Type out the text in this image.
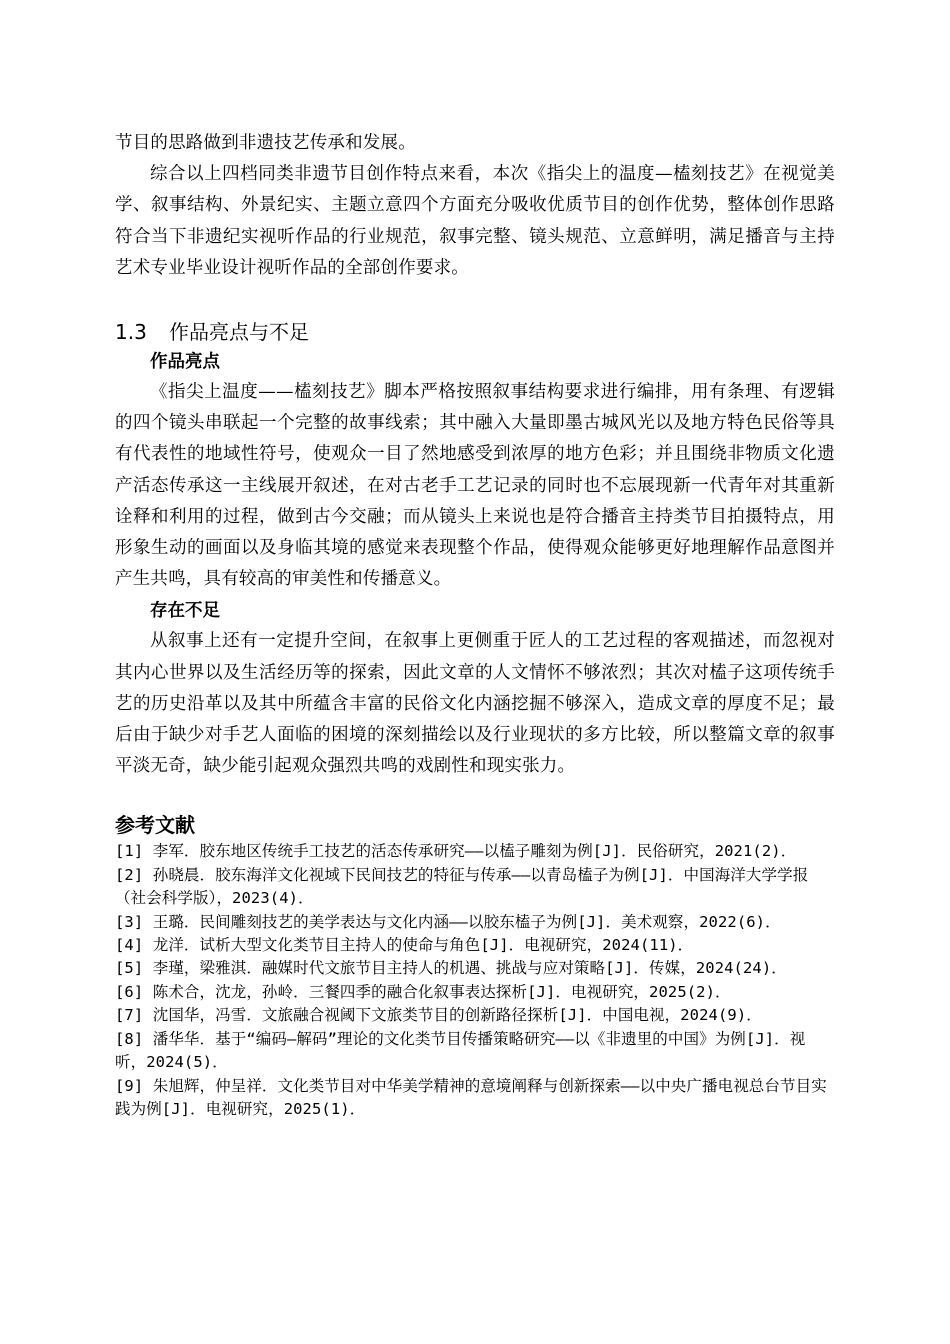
节目的思路做到非遗技艺传承和发展。

综合以上四档同类非遗节目创作特点来看，本次《指尖上的温度—榼刻技艺》在视觉美学、叙事结构、外景纪实、主题立意四个方面充分吸收优质节目的创作优势，整体创作思路符合当下非遗纪实视听作品的行业规范，叙事完整、镜头规范、立意鲜明，满足播音与主持艺术专业毕业设计视听作品的全部创作要求。

1.3 作品亮点与不足
作品亮点

《指尖上温度——榼刻技艺》脚本严格按照叙事结构要求进行编排，用有条理、有逻辑的四个镜头串联起一个完整的故事线索；其中融入大量即墨古城风光以及地方特色民俗等具有代表性的地域性符号，使观众一目了然地感受到浓厚的地方色彩；并且围绕非物质文化遗产活态传承这一主线展开叙述，在对古老手工艺记录的同时也不忘展现新一代青年对其重新诠释和利用的过程，做到古今交融；而从镜头上来说也是符合播音主持类节目拍摄特点，用形象生动的画面以及身临其境的感觉来表现整个作品，使得观众能够更好地理解作品意图并产生共鸣，具有较高的审美性和传播意义。

存在不足

从叙事上还有一定提升空间，在叙事上更侧重于匠人的工艺过程的客观描述，而忽视对其内心世界以及生活经历等的探索，因此文章的人文情怀不够浓烈；其次对榼子这项传统手艺的历史沿革以及其中所蕴含丰富的民俗文化内涵挖掘不够深入，造成文章的厚度不足；最后由于缺少对手艺人面临的困境的深刻描绘以及行业现状的多方比较，所以整篇文章的叙事平淡无奇，缺少能引起观众强烈共鸣的戏剧性和现实张力。

参考文献
[1] 李军．胶东地区传统手工技艺的活态传承研究——以榼子雕刻为例[J]．民俗研究，2021(2)．
[2] 孙晓晨．胶东海洋文化视域下民间技艺的特征与传承——以青岛榼子为例[J]．中国海洋大学学报（社会科学版），2023(4)．
[3] 王璐．民间雕刻技艺的美学表达与文化内涵——以胶东榼子为例[J]．美术观察，2022(6)．
[4] 龙洋．试析大型文化类节目主持人的使命与角色[J]．电视研究，2024(11)．
[5] 李瑾，梁雅淇．融媒时代文旅节目主持人的机遇、挑战与应对策略[J]．传媒，2024(24)．
[6] 陈术合，沈龙，孙岭．三餐四季的融合化叙事表达探析[J]．电视研究，2025(2)．
[7] 沈国华，冯雪．文旅融合视阈下文旅类节目的创新路径探析[J]．中国电视，2024(9)．
[8] 潘华华．基于“编码—解码”理论的文化类节目传播策略研究——以《非遗里的中国》为例[J]．视听，2024(5)．
[9] 朱旭辉，仲呈祥．文化类节目对中华美学精神的意境阐释与创新探索——以中央广播电视总台节目实践为例[J]．电视研究，2025(1)．
